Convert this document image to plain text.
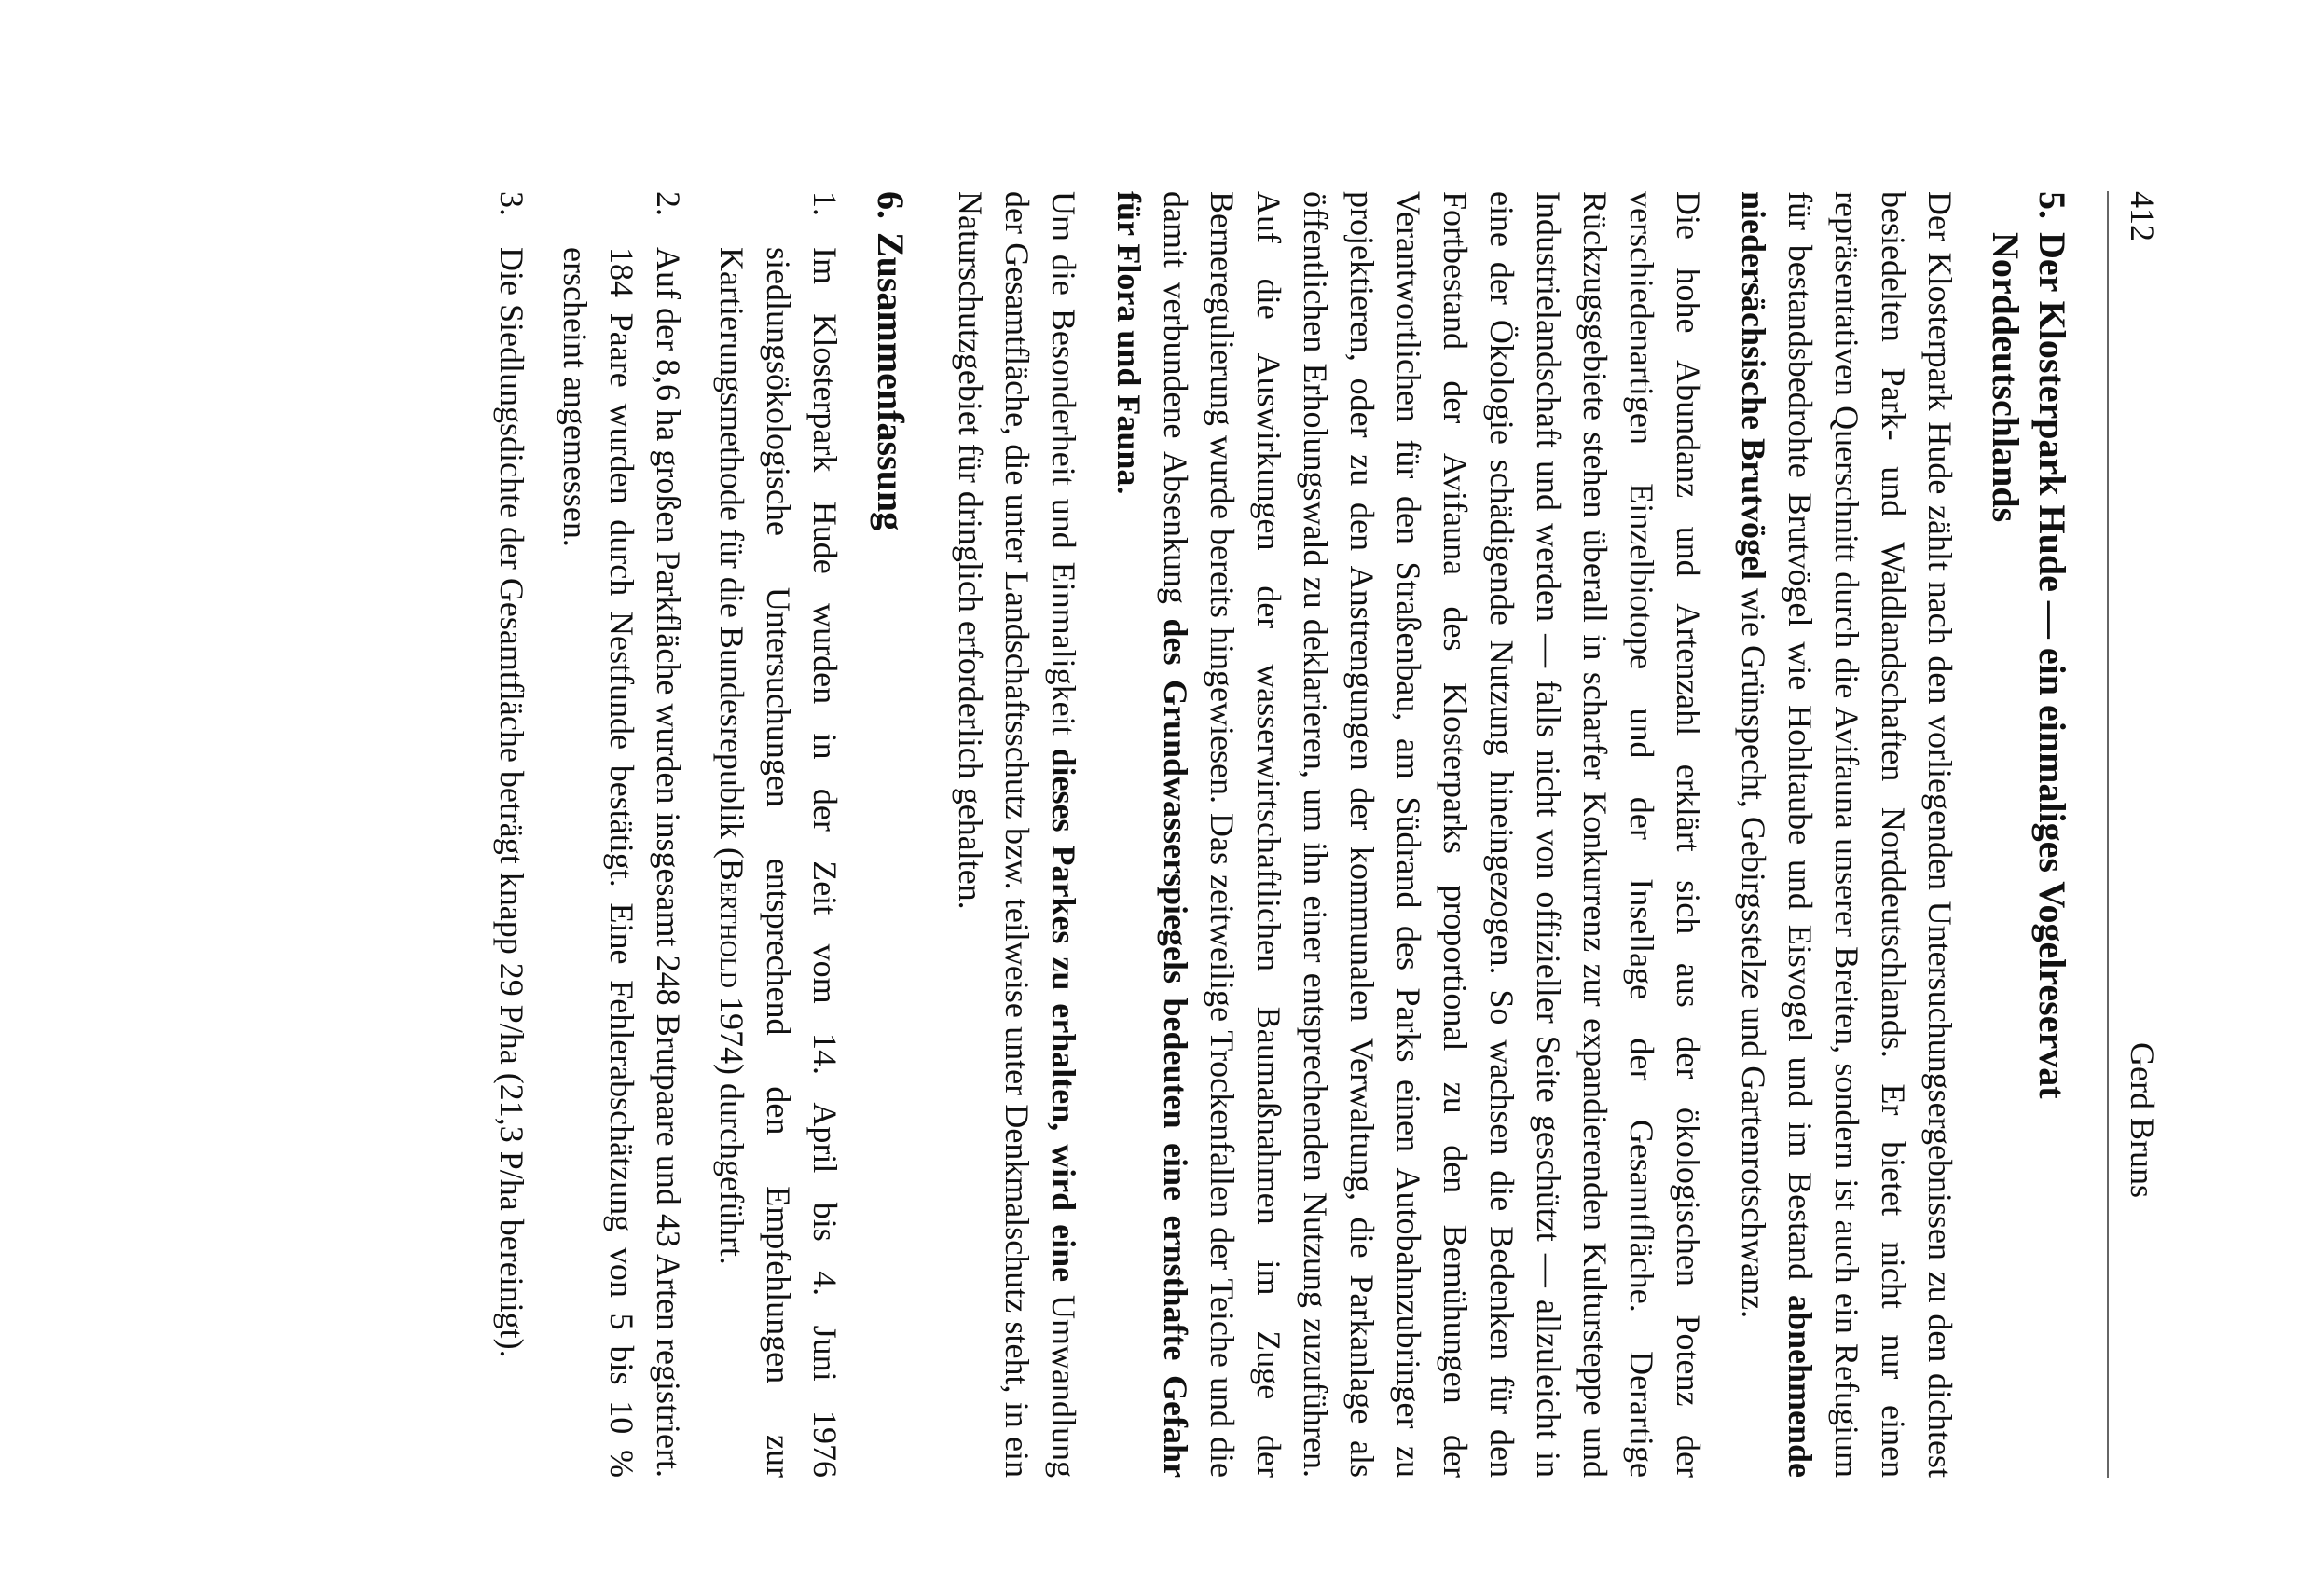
412
Gerd Bruns
5.
Der Klosterpark Hude — ein einmaliges Vogelreservat
Norddeutschlands

Der Klosterpark Hude zählt nach den vorliegenden Untersuchungsergebnissen zu den dichtest besiedelten Park- und Waldlandschaften Norddeutschlands. Er bietet nicht nur einen repräsentativen Querschnitt durch die Avifauna unserer Breiten, sondern ist auch ein Refugium für bestandsbedrohte Brutvögel wie Hohltaube und Eisvogel und im Bestand abnehmende niedersächsische Brutvögel wie Grünspecht, Gebirgsstelze und Gartenrotschwanz.

Die hohe Abundanz und Artenzahl erklärt sich aus der ökologischen Potenz der verschiedenartigen Einzelbiotope und der Insellage der Gesamtfläche. Derartige Rückzugsgebiete stehen überall in scharfer Konkurrenz zur expandierenden Kultursteppe und Industrielandschaft und werden — falls nicht von offizieller Seite geschützt — allzuleicht in eine der Ökologie schädigende Nutzung hineingezogen. So wachsen die Bedenken für den Fortbestand der Avifauna des Klosterparks proportional zu den Bemühungen der Verantwortlichen für den Straßenbau, am Südrand des Parks einen Autobahnzubringer zu projektieren, oder zu den Anstrengungen der kommunalen Verwaltung, die Parkanlage als öffentlichen Erholungswald zu deklarieren, um ihn einer entsprechenden Nutzung zuzuführen. Auf die Auswirkungen der wasserwirtschaftlichen Baumaßnahmen im Zuge der Berneregulierung wurde bereits hingewiesen. Das zeitweilige Trockenfallen der Teiche und die damit verbundene Absenkung des Grundwasserspiegels bedeuten eine ernsthafte Gefahr für Flora und Fauna.

Um die Besonderheit und Einmaligkeit dieses Parkes zu erhalten, wird eine Umwandlung der Gesamtfläche, die unter Landschaftsschutz bzw. teilweise unter Denkmalschutz steht, in ein Naturschutzgebiet für dringlich erforderlich gehalten.

6.
Zusammenfassung
1.
Im Klosterpark Hude wurden in der Zeit vom 14. April bis 4. Juni 1976 siedlungsökologische Untersuchungen entsprechend den Empfehlungen zur Kartierungsmethode für die Bundesrepublik (Berthold 1974) durchgeführt.
2.
Auf der 8,6 ha großen Parkfläche wurden insgesamt 248 Brutpaare und 43 Arten registriert. 184 Paare wurden durch Nestfunde bestätigt. Eine Fehlerabschätzung von 5 bis 10 % erscheint angemessen.
3.
Die Siedlungsdichte der Gesamtfläche beträgt knapp 29 P/ha (21,3 P/ha bereinigt).
